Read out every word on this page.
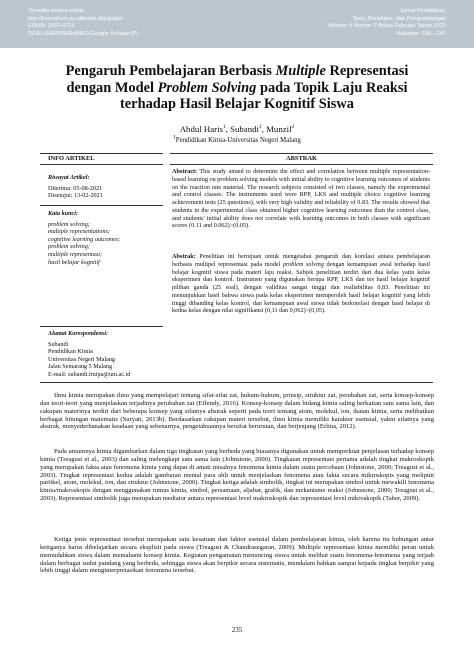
Tersedia secara online
http://journal.um.ac.id/index.php/jptpp/
EISSN: 2502-471X
DOAJ-SHERPA/RoMEO-Google Scholar-IPI
Jurnal Pendidikan:
Teori, Penelitian, dan Pengembangan
Volume: 6 Nomor: 2 Bulan Februari Tahun 2021
Halaman: 235—241
Pengaruh Pembelajaran Berbasis Multiple Representasi
dengan Model Problem Solving pada Topik Laju Reaksi
terhadap Hasil Belajar Kognitif Siswa
Abdul Haris$^1$, Subandi$^2$, Munzil$^2$
$^1$Pendidikan Kimia-Universitas Negeri Malang
INFO ARTIKEL	ABSTRAK
Riwayat Artikel:
Diterima: 05-08-2021
Disetujui: 13-02-2021
Kata kunci:
problem solving;
multiple representations;
cognitive learning outcomes;
problem solving;
multiple representasi;
hasil belajar kognitif
Alamat Korespondensi:
Subandi
Pendidikan Kimia
Universitas Negeri Malang
Jalan Semarang 5 Malang
E-mail: subandi.fmipa@um.ac.id
Abstract: This study aimed to determine the effect and correlation between multiple representation-based learning on problem solving models with initial ability to cognitive learning outcomes of students on the reaction rate material. The research subjects consisted of two classes, namely the experimental and control classes. The instruments used were RPP, LKS and multiple choice cognitive learning achievement tests (25 questions), with very high validity and reliability of 0.83. The results showed that students in the experimental class obtained higher cognitive learning outcomes than the control class, and students' initial ability does not correlate with learning outcomes in both classes with significant scores (0.11 and 0.062)>(0.05).
Abstrak: Penelitian ini bertujuan untuk mengetahui pengaruh dan korelasi antara pembelajaran berbasis multipel representasi pada model problem solving dengan kemampuan awal terhadap hasil belajar kognitif siswa pada materi laju reaksi. Subjek penelitian terdiri dari dua kelas yaitu kelas eksperimen dan kontrol. Instrumen yang digunakan berupa RPP, LKS dan tes hasil belajar kognitif pilihan ganda (25 soal), dengan validitas sangat tinggi dan realiabilitas 0,83. Penelitian ini menunjukkan hasil bahwa siswa pada kelas eksperimen memperoleh hasil belajar kognitif yang lebih tinggi dibanding kelas kontrol, dan kemampuan awal siswa tidak berkorelasi dengan hasil belajar di kedua kelas dengan nilai signifikansi (0,11 dan 0,062)>(0,05).
Ilmu kimia merupakan ilmu yang mempelajari tentang sifat-sifat zat, hukum-hukum, prinsip, struktur zat, perubahan zat, serta konsep-konsep dan teori-teori yang menjelaskan terjadinya perubahan zat (Effendy, 2016). Konsep-konsep dalam bidang kimia saling berkaitan satu sama lain, dan cakupan materinya terdiri dari beberapa konsep yang sifatnya abstrak seperti pada teori tentang atom, molekul, ion, ikatan kimia, serta melibatkan berbagai hitungan matematis (Suryati, 2013b). Berdasarkan cakupan materi tersebut, ilmu kimia memiliki karakter esensial, yakni sifatnya yang abstrak, menyederhanakan keadaan yang sebenarnya, pengetahuannya bersifat berurutan, dan berjenjang (Erlina, 2012).
Pada umumnya kimia digambarkan dalam tiga tingkatan yang berbeda yang biasanya digunakan untuk memperkuat penjelasan terhadap konsep kimia (Treagust et al., 2003) dan saling melengkapi satu sama lain (Johnstone, 2000). Tingkatan representasi pertama adalah tingkat makroskopik yang merupakan fakta atau fenomena kimia yang dapat di amati misalnya fenomena kimia dalam suatu percobaan (Johnstone, 2000; Treagust et al., 2003). Tingkat representasi kedua adalah gambaran mental para ahli untuk menjelaskan fenomena atau fakta secara mikroskopis yang meliputi partikel, atom, molekul, ion, dan struktur (Johnstone, 2000). Tingkat ketiga adalah simbolik, tingkat ini merupakan simbol untuk mewakili fenomena kimia/makroskopis dengan menggunakan rumus kimia, simbol, persamaan, aljabar, grafik, dan mekanisme reaksi (Johnstone, 2000; Treagust et al., 2003). Representasi simbolik juga merupakan mediator antara representasi level makroskopik dan representasi level mikroskopik (Taber, 2009).
Ketiga jenis representasi tersebut merupakan satu kesatuan dan faktor esensial dalam pembelajaran kimia, oleh karena itu hubungan antar ketiganya harus dibelajarkan secara eksplisit pada siswa (Treagust & Chandrasegaran, 2009). Multiple representasi kimia memiliki peran untuk memudahkan siswa dalam memahami konsep kimia. Kegiatan pengamatan menuncing siswa untuk melihat suatu fenomena-fenomena yang terjadi dalam berbagai sudut pandang yang berbeda, sehingga siswa akan berpikir secara sistematis, mendalam bahkan sampai kepada tingkat berpikir yang lebih tinggi dalam menginterpretasikan fenomena tersebut.
235
